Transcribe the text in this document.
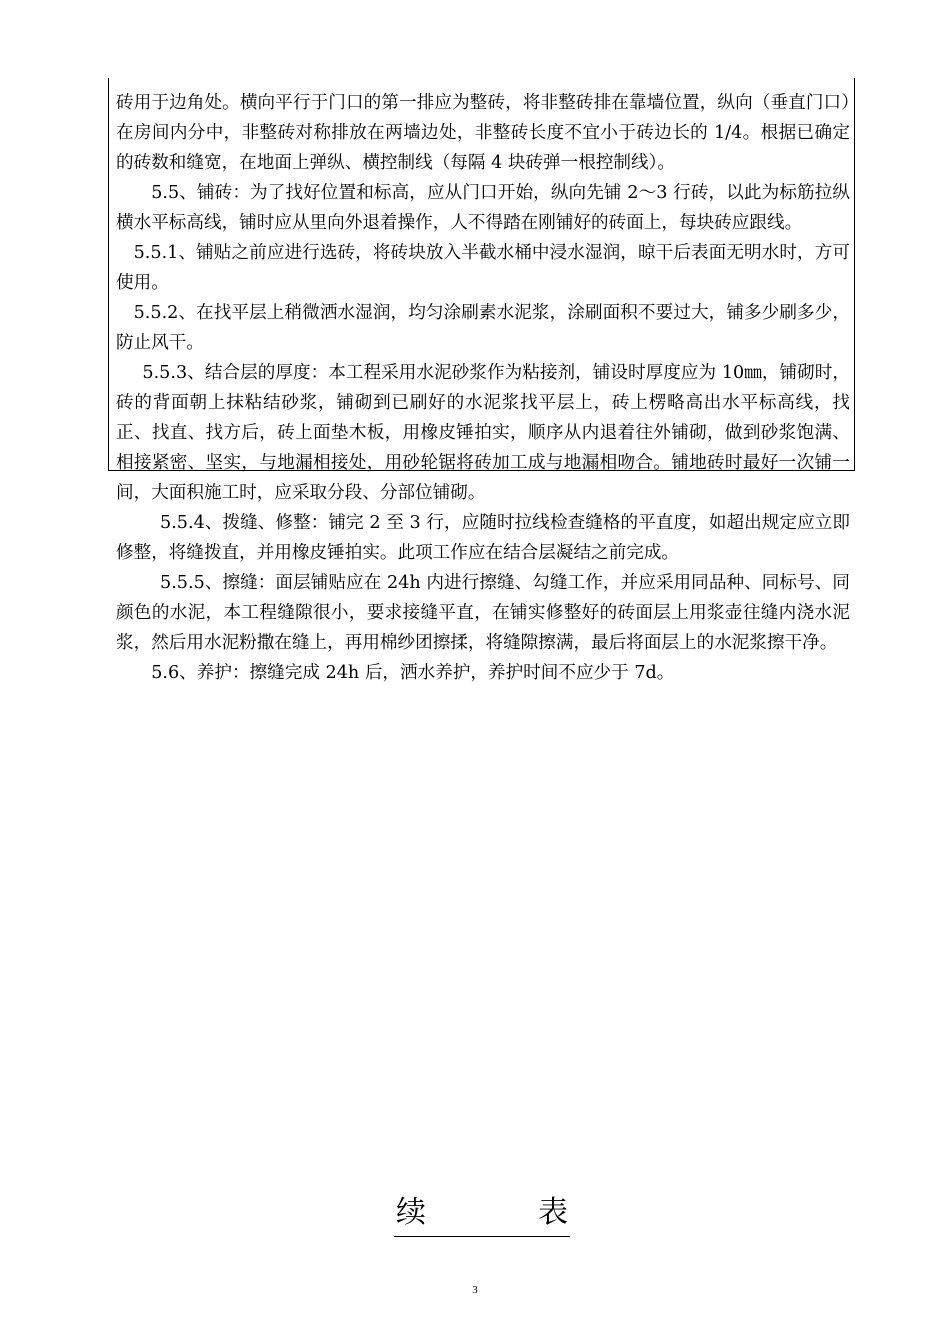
砖用于边角处。横向平行于门口的第一排应为整砖，将非整砖排在靠墙位置，纵向（垂直门口）在房间内分中，非整砖对称排放在两墙边处，非整砖长度不宜小于砖边长的 1/4。根据已确定的砖数和缝宽，在地面上弹纵、横控制线（每隔 4 块砖弹一根控制线）。

5.5、铺砖：为了找好位置和标高，应从门口开始，纵向先铺 2～3 行砖，以此为标筋拉纵横水平标高线，铺时应从里向外退着操作，人不得踏在刚铺好的砖面上，每块砖应跟线。

5.5.1、铺贴之前应进行选砖，将砖块放入半截水桶中浸水湿润，晾干后表面无明水时，方可使用。

5.5.2、在找平层上稍微洒水湿润，均匀涂刷素水泥浆，涂刷面积不要过大，铺多少刷多少，防止风干。

5.5.3、结合层的厚度：本工程采用水泥砂浆作为粘接剂，铺设时厚度应为 10㎜，铺砌时，砖的背面朝上抹粘结砂浆，铺砌到已刷好的水泥浆找平层上，砖上楞略高出水平标高线，找正、找直、找方后，砖上面垫木板，用橡皮锤拍实，顺序从内退着往外铺砌，做到砂浆饱满、相接紧密、坚实，与地漏相接处，用砂轮锯将砖加工成与地漏相吻合。铺地砖时最好一次铺一间，大面积施工时，应采取分段、分部位铺砌。

5.5.4、拨缝、修整：铺完 2 至 3 行，应随时拉线检查缝格的平直度，如超出规定应立即修整，将缝拨直，并用橡皮锤拍实。此项工作应在结合层凝结之前完成。

5.5.5、擦缝：面层铺贴应在 24h 内进行擦缝、勾缝工作，并应采用同品种、同标号、同颜色的水泥，本工程缝隙很小，要求接缝平直，在铺实修整好的砖面层上用浆壶往缝内浇水泥浆，然后用水泥粉撒在缝上，再用棉纱团擦揉，将缝隙擦满，最后将面层上的水泥浆擦干净。

5.6、养护：擦缝完成 24h 后，洒水养护，养护时间不应少于 7d。

续	表
3
